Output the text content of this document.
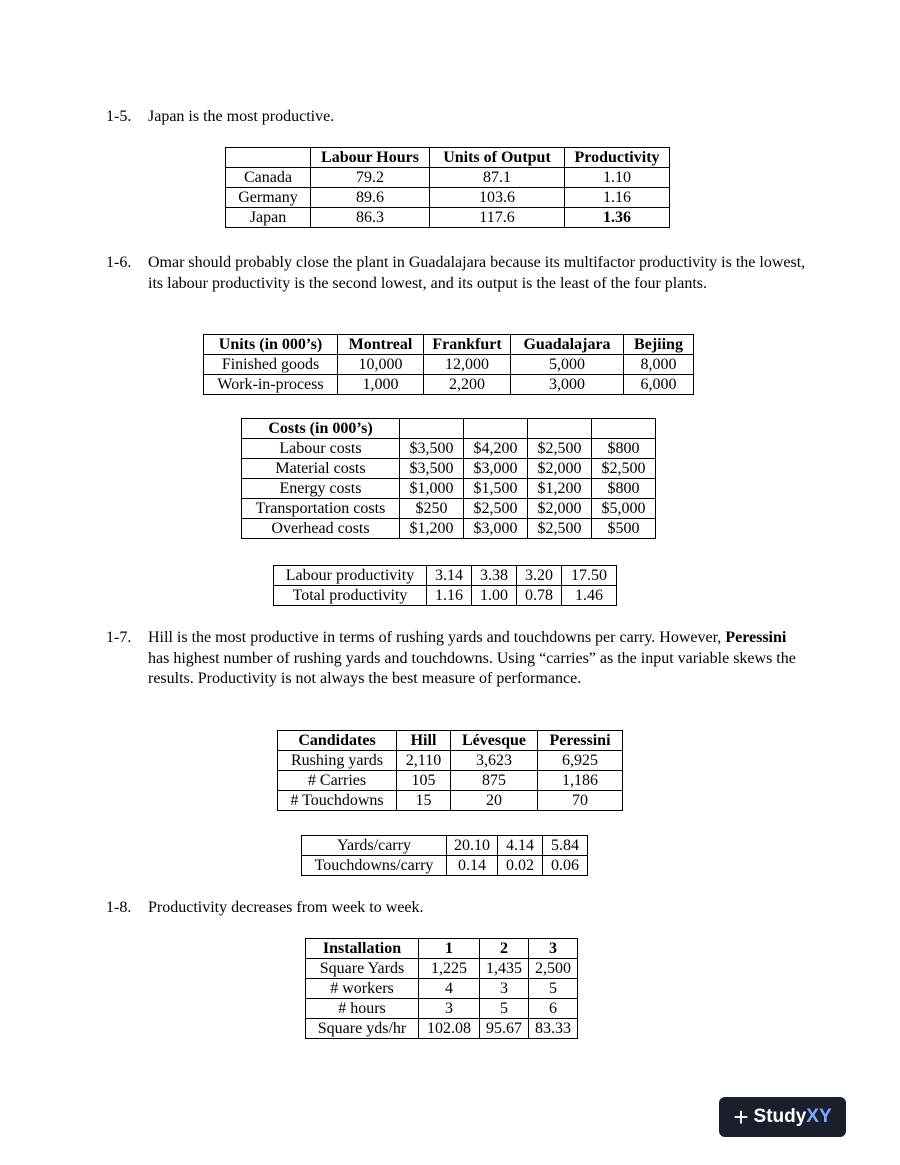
1-5. Japan is the most productive.
	Labour Hours	Units of Output	Productivity
Canada	79.2	87.1	1.10
Germany	89.6	103.6	1.16
Japan	86.3	117.6	1.36
1-6. Omar should probably close the plant in Guadalajara because its multifactor productivity is the lowest, its labour productivity is the second lowest, and its output is the least of the four plants.
Units (in 000’s)	Montreal	Frankfurt	Guadalajara	Bejiing
Finished goods	10,000	12,000	5,000	8,000
Work-in-process	1,000	2,200	3,000	6,000
Costs (in 000’s)				
Labour costs	$3,500	$4,200	$2,500	$800
Material costs	$3,500	$3,000	$2,000	$2,500
Energy costs	$1,000	$1,500	$1,200	$800
Transportation costs	$250	$2,500	$2,000	$5,000
Overhead costs	$1,200	$3,000	$2,500	$500
Labour productivity	3.14	3.38	3.20	17.50
Total productivity	1.16	1.00	0.78	1.46
1-7. Hill is the most productive in terms of rushing yards and touchdowns per carry. However, Peressini has highest number of rushing yards and touchdowns. Using “carries” as the input variable skews the results. Productivity is not always the best measure of performance.
Candidates	Hill	Lévesque	Peressini
Rushing yards	2,110	3,623	6,925
# Carries	105	875	1,186
# Touchdowns	15	20	70
Yards/carry	20.10	4.14	5.84
Touchdowns/carry	0.14	0.02	0.06
1-8. Productivity decreases from week to week.
Installation	1	2	3
Square Yards	1,225	1,435	2,500
# workers	4	3	5
# hours	3	5	6
Square yds/hr	102.08	95.67	83.33
+ Study XY
